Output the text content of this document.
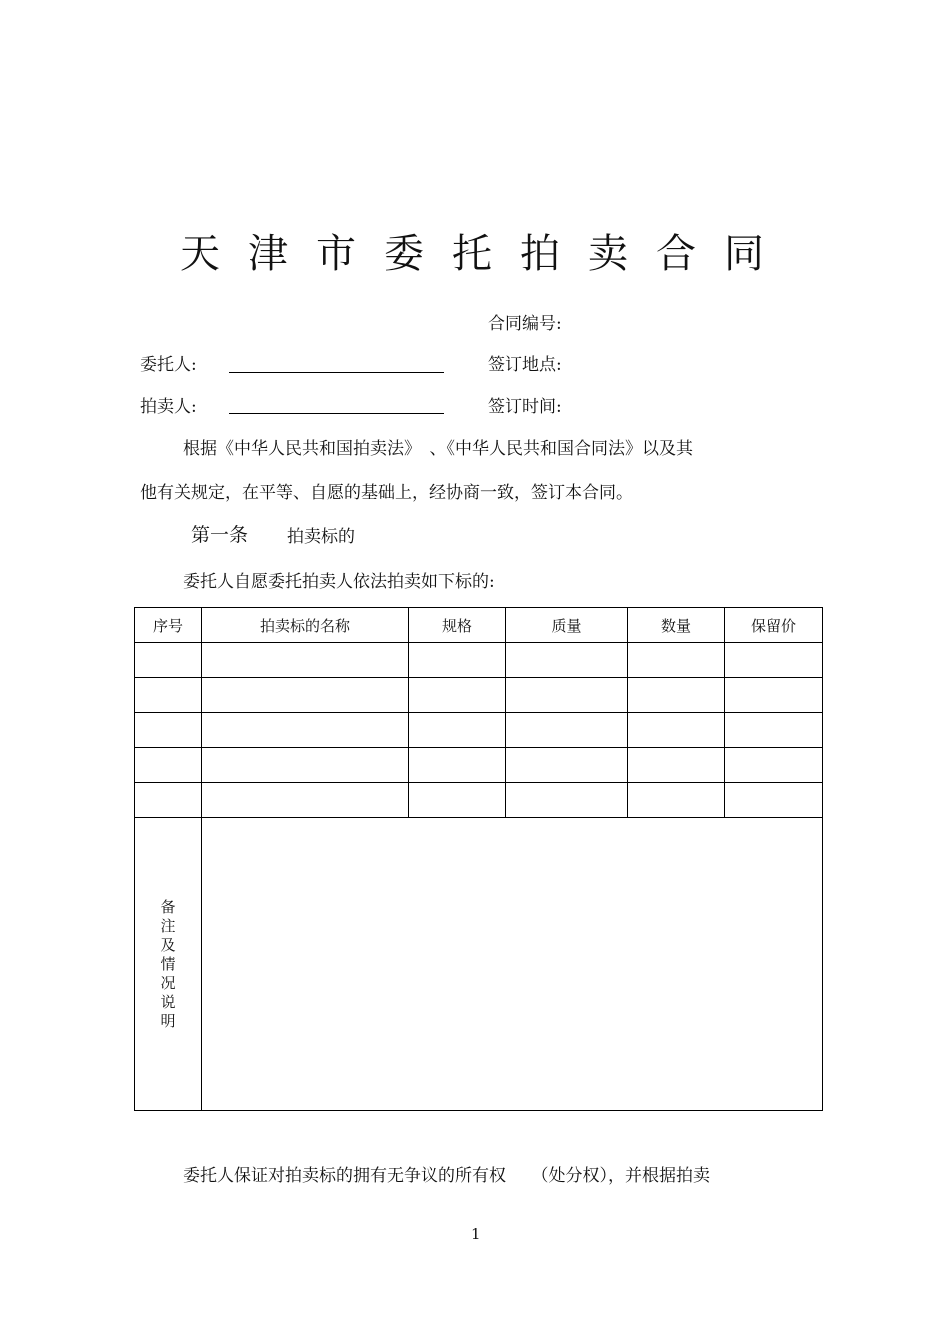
天津市委托拍卖合同
合同编号:
委托人:	签订地点:
拍卖人:	签订时间:
根据《中华人民共和国拍卖法》　、《中华人民共和国合同法》以及其
他有关规定，在平等、自愿的基础上，经协商一致，签订本合同。
第一条 拍卖标的
委托人自愿委托拍卖人依法拍卖如下标的:
序号	拍卖标的名称	规格	质量	数量	保留价

备注及情况说明					
委托人保证对拍卖标的拥有无争议的所有权　　（处分权），并根据拍卖
1
